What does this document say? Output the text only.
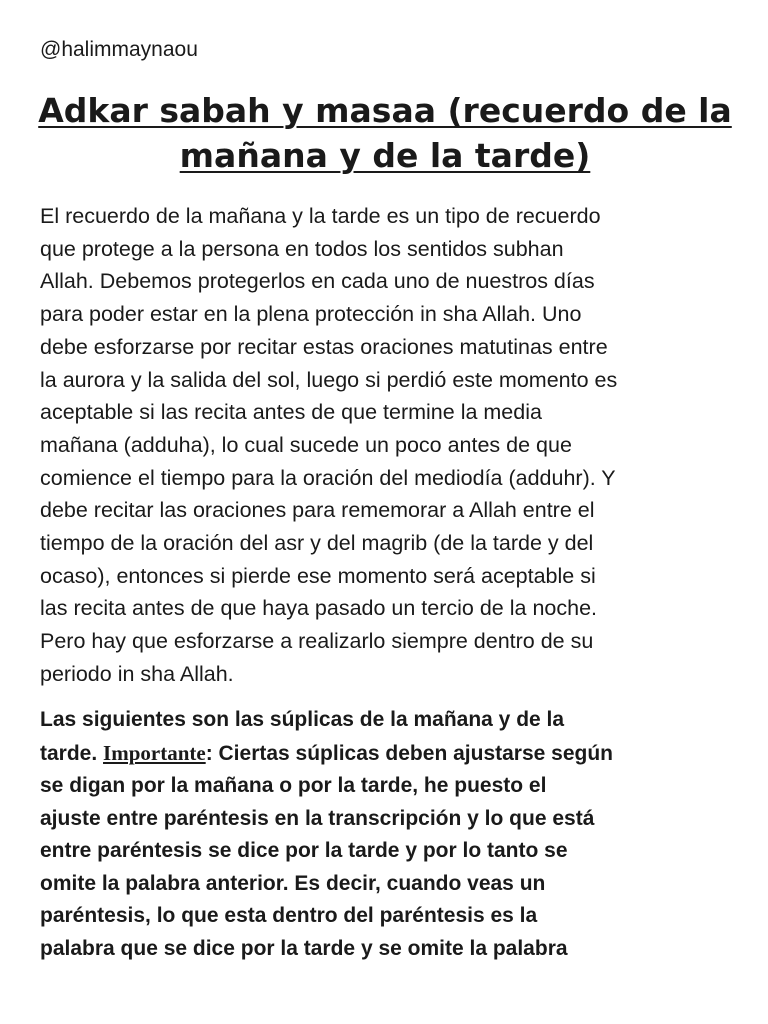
@halimmaynaou
Adkar sabah y masaa (recuerdo de la mañana y de la tarde)
El recuerdo de la mañana y la tarde es un tipo de recuerdo
que protege a la persona en todos los sentidos subhan
Allah. Debemos protegerlos en cada uno de nuestros días
para poder estar en la plena protección in sha Allah. Uno
debe esforzarse por recitar estas oraciones matutinas entre
la aurora y la salida del sol, luego si perdió este momento es
aceptable si las recita antes de que termine la media
mañana (adduha), lo cual sucede un poco antes de que
comience el tiempo para la oración del mediodía (adduhr). Y
debe recitar las oraciones para rememorar a Allah entre el
tiempo de la oración del asr y del magrib (de la tarde y del
ocaso), entonces si pierde ese momento será aceptable si
las recita antes de que haya pasado un tercio de la noche.
Pero hay que esforzarse a realizarlo siempre dentro de su
periodo in sha Allah.
Las siguientes son las súplicas de la mañana y de la
tarde. Importante: Ciertas súplicas deben ajustarse según
se digan por la mañana o por la tarde, he puesto el
ajuste entre paréntesis en la transcripción y lo que está
entre paréntesis se dice por la tarde y por lo tanto se
omite la palabra anterior. Es decir, cuando veas un
paréntesis, lo que esta dentro del paréntesis es la
palabra que se dice por la tarde y se omite la palabra
